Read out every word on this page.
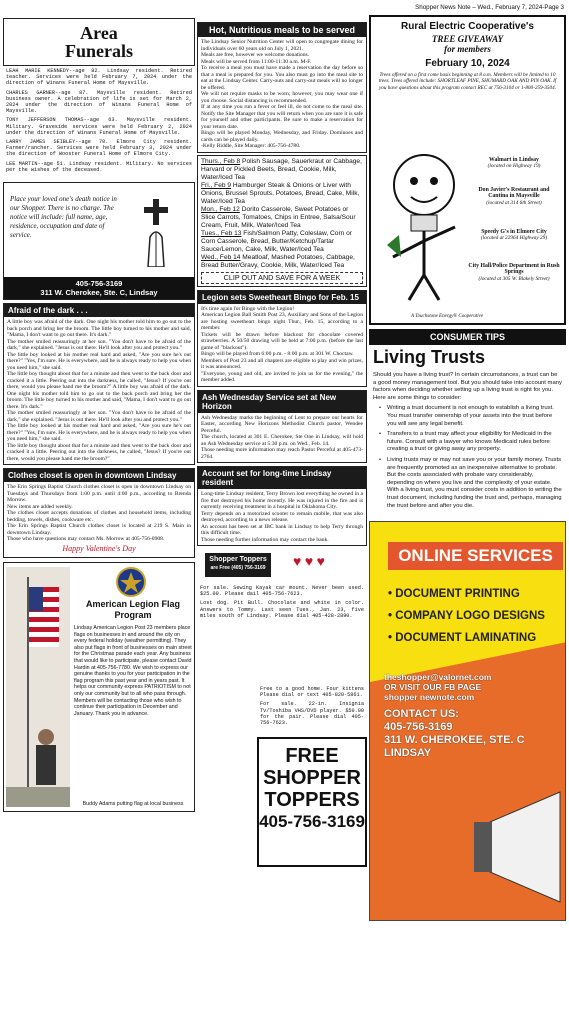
Area
Funerals

LEAH MARIE KENNEDY--age 82. Lindsay resident. Retired teacher. Services were held February 7, 2024 under the direction of Winans Funeral Home of Maysville.

CHARLES GARNER--age 87. Maysville resident. Retired business owner. A celebration of life is set for March 2, 2024 under the direction of Winans Funeral Home of Maysville.

TONY JEFFERSON THOMAS--age 63. Maysville resident. Military. Graveside services were held February 2, 2024 under the direction of Winans Funeral Home of Maysville.

LARRY JAMES SEIBLEY--age 70. Elmore City resident. Farmer/rancher. Services were held February 3, 2024 under the direction of Wooster Funeral Home of Elmore City.

LEE MARTIN--age 51. Lindsay resident. Military. No services per the wishes of the deceased.

Place your loved one's death notice in our Shopper. There is no charge. The notice will include: full name, age, residence, occupation and date of service.
405-756-3169
311 W. Cherokee, Ste. C, Lindsay
Afraid of the dark . . .

A little boy was afraid of the dark. One night his mother told him to go out to the back porch and bring her the broom. The little boy turned to his mother and said, "Mama, I don't want to go out there. It's dark."

The mother smiled reassuringly at her son. "You don't have to be afraid of the dark," she explained. "Jesus is out there. He'll look after you and protect you."

The little boy looked at his mother real hard and asked, "Are you sure he's out there?" "Yes, I'm sure. He is everywhere, and he is always ready to help you when you need him," she said.

The little boy thought about that for a minute and then went to the back door and cracked it a little. Peering out into the darkness, he called, "Jesus? If you're out there, would you please hand me the broom?" A little boy was afraid of the dark. One night his mother told him to go out to the back porch and bring her the broom. The little boy turned to his mother and said, "Mama, I don't want to go out there. It's dark."

The mother smiled reassuringly at her son. "You don't have to be afraid of the dark," she explained. "Jesus is out there. He'll look after you and protect you."

The little boy looked at his mother real hard and asked, "Are you sure he's out there?" "Yes, I'm sure. He is everywhere, and he is always ready to help you when you need him," she said.

The little boy thought about that for a minute and then went to the back door and cracked it a little. Peering out into the darkness, he called, "Jesus? If you're out there, would you please hand me the broom?"

Clothes closet is open in downtown Lindsay

The Erin Springs Baptist Church clothes closet is open in downtown Lindsay on Tuesdays and Thursdays from 1:00 p.m. until 4:00 p.m., according to Brenda Morrow.

New items are added weekly.

The clothes closet accepts donations of clothes and household items, including bedding, towels, dishes, cookware etc.

The Erin Springs Baptist Church clothes closet is located at 219 S. Main in downtown Lindsay.

Those who have questions may contact Ms. Morrow at 405-756-0908.

Happy Valentine's Day
American Legion Flag Program
Lindsay American Legion Post 23 members place flags on businesses in and around the city on every federal holiday (weather permitting). They also put flags in front of businesses on main street for the Christmas parade each year. Any business that would like to participate, please contact David Hardin at 405-756-7780. We wish to express our genuine thanks to you for your participation in the flag program this past year and in years past. It helps our community express PATRIOTISM to not only our community but to all who pass through. Members will be contacting those who wish to continue their participation in December and January. Thank you in advance.
Buddy Adams putting flag at local business
Hot, Nutritious meals to be served

The Lindsay Senior Nutrition Center will open to congregate dining for individuals over 60 years old on July 1, 2021.

Meals are free, however we welcome donations.

Meals will be served from 11:00-11:30 a.m. M-F.

To receive a meal you must have made a reservation the day before so that a meal is prepared for you. You also must go into the meal site to eat at the Lindsay Center. Carry-outs and carry-out meals will no longer be offered.

We will not require masks to be worn; however, you may wear one if you choose. Social distancing is recommended.

If at any time you run a fever or feel ill, do not come to the meal site. Notify the Site Manager that you will return when you are sure it is safe for yourself and other participants. Be sure to make a reservation for your return date.

Bingo will be played Monday, Wednesday, and Friday. Dominoes and cards can be played daily.

-Kelly Riddle, Site Manager: 405-756-4780.

Thurs., Feb 8 Polish Sausage, Sauerkraut or Cabbage, Harvard or Pickled Beets, Bread, Cookie, Milk, Water/Iced Tea

Fri., Feb 9 Hamburger Steak & Onions or Liver with Onions, Brussel Sprouts, Potatoes, Bread, Cake, Milk, Water/Iced Tea

Mon., Feb 12 Dorito Casserole, Sweet Potatoes or Slice Carrots, Tomatoes, Chips in Entree, Salsa/Sour Cream, Fruit, Milk, Water/Iced Tea

Tues., Feb 13 Fish/Salmon Patty, Coleslaw, Corn or Corn Casserole, Bread, Butter/Ketchup/Tartar Sauce/Lemon, Cake, Milk, Water/Iced Tea

Wed., Feb 14 Meatloaf, Mashed Potatoes, Cabbage, Bread Butter/Gravy, Cookie, Milk, Water/Iced Tea

CLIP OUT AND SAVE FOR A WEEK
Legion sets Sweetheart Bingo for Feb. 15

It's time again for Bingo with the Legion!

American Legion Ball Smith Post 23, Auxiliary and Sons of the Legion are hosting sweetheart bingo night Thur., Feb. 15, according to a member.

Tickets will be drawn before blackout for chocolate covered strawberries. A 50/50 drawing will be held at 7:00 p.m. (before the last game of "blackout").

Bingo will be played from 6:00 p.m. - 8:00 p.m. at 301 W. Choctaw.

Members of Post 23 and all chapters are eligible to play and win prizes, it was announced.

"Everyone, young and old, are invited to join us for the evening," the member added.

Ash Wednesday Service set at New Horizon

Ash Wednesday marks the beginning of Lent to prepare our hearts for Easter, according New Horizons Methodist Church pastor, Wendee Perceful.

The church, located at 301 E. Cherokee, Ste One in Lindsay, will hold an Ash Wednesday service at 5:30 p.m. on Wed., Feb. 14.

Those needing more information may reach Pastor Perceful at 405-473-2764.

Account set for long-time Lindsay resident

Long-time Lindsay resident, Terry Brown lost everything he owned in a fire that destroyed his home recently. He was injured in the fire and is currently receiving treatment in a hospital in Oklahoma City.

Terry depends on a motorized scooter to remain mobile, that was also destroyed, according to a news release.

An account has been set at IBC bank in Lindsay to help Terry through this difficult time.

Those needing further information may contact the bank.

Shopper Toppers
are Free (405) 756-3169	♥ ♥ ♥

For sale. Sewing Kayak car mount. Never been used. $25.00. Please dail 405-756-7623.

Lost dog. Pit Bull. Chocolate and white in color. Answers to Tommy. Last seen Tues., Jan. 23, five miles south of Lindsay. Please dial 405-428-2890.

Free to a good home. Four kittens Please dial or text 405-820-5861.

For sale. 22-in. Insignia TV/Toshiba VHS/DVD player. $50.00 for the pair. Please dial 405-756-7623.

FREE
SHOPPER
TOPPERS
405-756-3169
Shopper News Note – Wed., February 7, 2024-Page 3
Rural Electric Cooperative's
TREE GIVEAWAY
for members
February 10, 2024
Trees offered on a first come basis beginning at 8 a.m. Members will be limited to 10 trees. Trees offered include: SHORTLEAF PINE, SHUMARD OAK AND PIN OAK. If you have questions about this program contact REC at 756-3104 or 1-800-259-3504.
Walmart in Lindsay
(located on Highway 19)
Don Javier's Restaurant and Cantina in Maysville
(located at 314 6th Street)
Speedy G's in Elmore City
(located at 22964 Highway 29)
City Hall/Police Department in Rush Springs
(located at 305 W. Blakely Street)
A Touchstone Energy® Cooperative
CONSUMER TIPS
Living Trusts

Should you have a living trust? In certain circumstances, a trust can be a good money management tool. But you should take into account many factors when deciding whether setting up a living trust is right for you. Here are some things to consider:

• Writing a trust document is not enough to establish a living trust. You must transfer ownership of your assets into the trust before you will see any legal benefit.
• Transfers to a trust may affect your eligibility for Medicaid in the future. Consult with a lawyer who knows Medicaid rules before creating a trust or giving away any property.
• Living trusts may or may not save you or your family money. Trusts are frequently promoted as an inexpensive alternative to probate. But the costs associated with probate vary considerably, depending on where you live and the complexity of your estate. With a living trust, you must consider costs in addition to writing the trust document, including funding the trust and, perhaps, managing the trust before and after you die.
ONLINE SERVICES
• DOCUMENT PRINTING
• COMPANY LOGO DESIGNS
• DOCUMENT LAMINATING
theshopper@valornet.com
OR VISIT OUR FB PAGE
shopper newnote.com
CONTACT US:
405-756-3169
311 W. CHEROKEE, STE. C
LINDSAY
